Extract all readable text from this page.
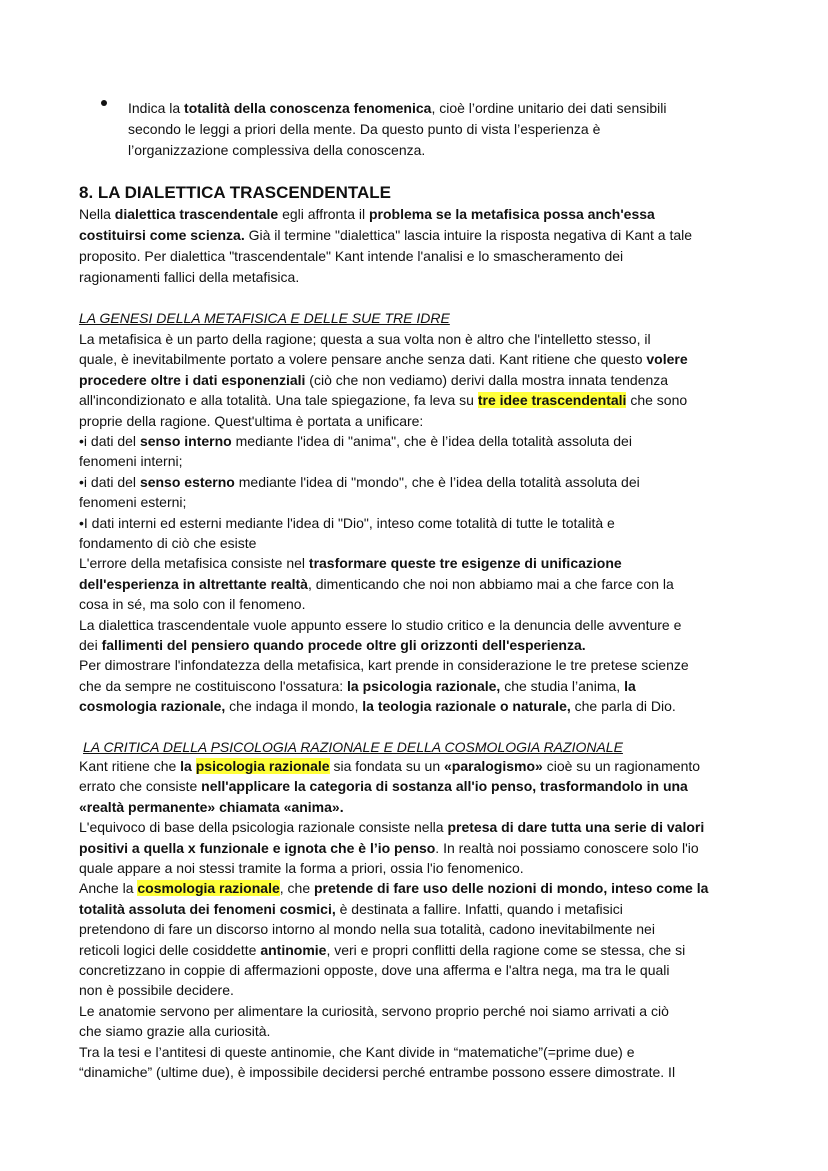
Indica la totalità della conoscenza fenomenica, cioè l’ordine unitario dei dati sensibili
secondo le leggi a priori della mente. Da questo punto di vista l’esperienza è
l’organizzazione complessiva della conoscenza.
8. LA DIALETTICA TRASCENDENTALE
Nella dialettica trascendentale egli affronta il problema se la metafisica possa anch'essa
costituirsi come scienza. Già il termine "dialettica" lascia intuire la risposta negativa di Kant a tale
proposito. Per dialettica "trascendentale" Kant intende l'analisi e lo smascheramento dei
ragionamenti fallici della metafisica.
LA GENESI DELLA METAFISICA E DELLE SUE TRE IDRE
La metafisica è un parto della ragione; questa a sua volta non è altro che l'intelletto stesso, il
quale, è inevitabilmente portato a volere pensare anche senza dati. Kant ritiene che questo volere
procedere oltre i dati esponenziali (ciò che non vediamo) derivi dalla mostra innata tendenza
all'incondizionato e alla totalità. Una tale spiegazione, fa leva su tre idee trascendentali che sono
proprie della ragione. Quest'ultima è portata a unificare:
•i dati del senso interno mediante l'idea di "anima", che è l’idea della totalità assoluta dei
fenomeni interni;
•i dati del senso esterno mediante l'idea di "mondo", che è l’idea della totalità assoluta dei
fenomeni esterni;
•I dati interni ed esterni mediante l'idea di "Dio", inteso come totalità di tutte le totalità e
fondamento di ciò che esiste
L'errore della metafisica consiste nel trasformare queste tre esigenze di unificazione
dell'esperienza in altrettante realtà, dimenticando che noi non abbiamo mai a che farce con la
cosa in sé, ma solo con il fenomeno.
La dialettica trascendentale vuole appunto essere lo studio critico e la denuncia delle avventure e
dei fallimenti del pensiero quando procede oltre gli orizzonti dell'esperienza.
Per dimostrare l'infondatezza della metafisica, kart prende in considerazione le tre pretese scienze
che da sempre ne costituiscono l'ossatura: la psicologia razionale, che studia l’anima, la
cosmologia razionale, che indaga il mondo, la teologia razionale o naturale, che parla di Dio.
LA CRITICA DELLA PSICOLOGIA RAZIONALE E DELLA COSMOLOGIA RAZIONALE
Kant ritiene che la psicologia razionale sia fondata su un «paralogismo» cioè su un ragionamento
errato che consiste nell'applicare la categoria di sostanza all'io penso, trasformandolo in una
«realtà permanente» chiamata «anima».
L'equivoco di base della psicologia razionale consiste nella pretesa di dare tutta una serie di valori
positivi a quella x funzionale e ignota che è l’io penso. In realtà noi possiamo conoscere solo l'io
quale appare a noi stessi tramite la forma a priori, ossia l'io fenomenico.
Anche la cosmologia razionale, che pretende di fare uso delle nozioni di mondo, inteso come la
totalità assoluta dei fenomeni cosmici, è destinata a fallire. Infatti, quando i metafisici
pretendono di fare un discorso intorno al mondo nella sua totalità, cadono inevitabilmente nei
reticoli logici delle cosiddette antinomie, veri e propri conflitti della ragione come se stessa, che si
concretizzano in coppie di affermazioni opposte, dove una afferma e l'altra nega, ma tra le quali
non è possibile decidere.
Le anatomie servono per alimentare la curiosità, servono proprio perché noi siamo arrivati a ciò
che siamo grazie alla curiosità.
Tra la tesi e l’antitesi di queste antinomie, che Kant divide in “matematiche”(=prime due) e
“dinamiche” (ultime due), è impossibile decidersi perché entrambe possono essere dimostrate. Il
